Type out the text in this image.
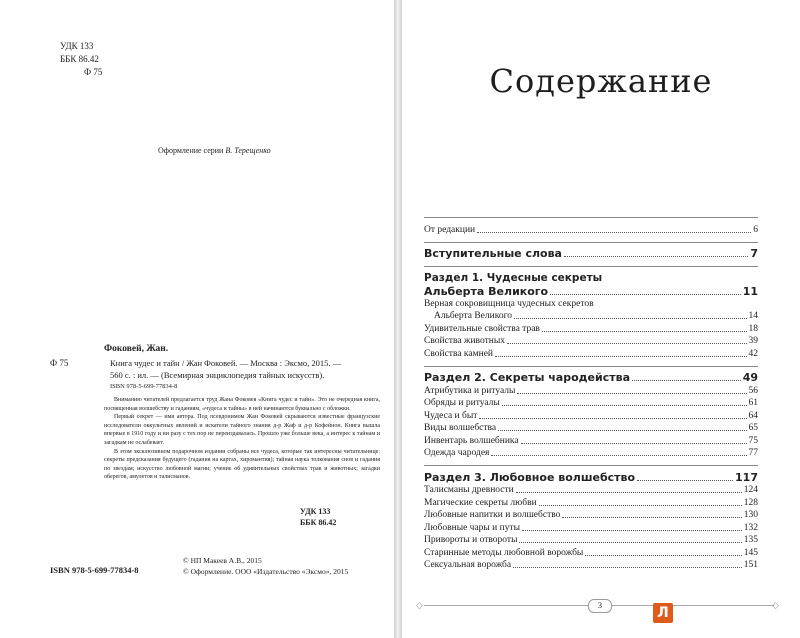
УДК 133
ББК 86.42
Ф 75
Оформление серии В. Терещенко
Фоковей, Жан.
Ф 75	Книга чудес и тайн / Жан Фоковей. — Москва : Эксмо, 2015. —

560 с. : ил. — (Всемирная энциклопедия тайных искусств).

ISBN 978-5-699-77834-8

Вниманию читателей предлагается труд Жана Фоковея «Книга чудес и тайн». Это не очередная книга, посвященная волшебству и гаданиям, «чудеса и тайны» в ней начинаются буквально с обложки.

Первый секрет — имя автора. Под псевдонимом Жан Фоковей скрываются известные французские исследователи оккультных явлений и искатели тайного знания д-р Жаф и д-р Кофейнон. Книга вышла впервые в 1910 году и ни разу с тех пор не переиздавалась. Прошло уже больше века, а интерес к тайнам и загадкам не ослабевает.

В этом эксклюзивном подарочном издании собраны все чудеса, которые так интересны читательнице: секреты предсказания будущего (гадания на картах, хиромантия); тайная наука толкования снов и гадания по звездам; искусство любовной магии; учение об удивительных свойствах трав и животных; загадки оберегов, амулетов и талисманов.

УДК 133
ББК 86.42
ISBN 978-5-699-77834-8
© НП Макеев А.В., 2015
© Оформление. ООО «Издательство «Эксмо», 2015
Содержание
От редакции	6
Вступительные слова	7
Раздел 1. Чудесные секреты
Альберта Великого	11
Верная сокровищница чудесных секретов
Альберта Великого	14
Удивительные свойства трав	18
Свойства животных	39
Свойства камней	42
Раздел 2. Секреты чародейства	49
Атрибутика и ритуалы	56
Обряды и ритуалы	61
Чудеса и быт	64
Виды волшебства	65
Инвентарь волшебника	75
Одежда чародея	77
Раздел 3. Любовное волшебство	117
Талисманы древности	124
Магические секреты любви	128
Любовные напитки и волшебство	130
Любовные чары и путы	132
Привороты и отвороты	135
Старинные методы любовной ворожбы	145
Сексуальная ворожба	151
◇	◇
3	Л
